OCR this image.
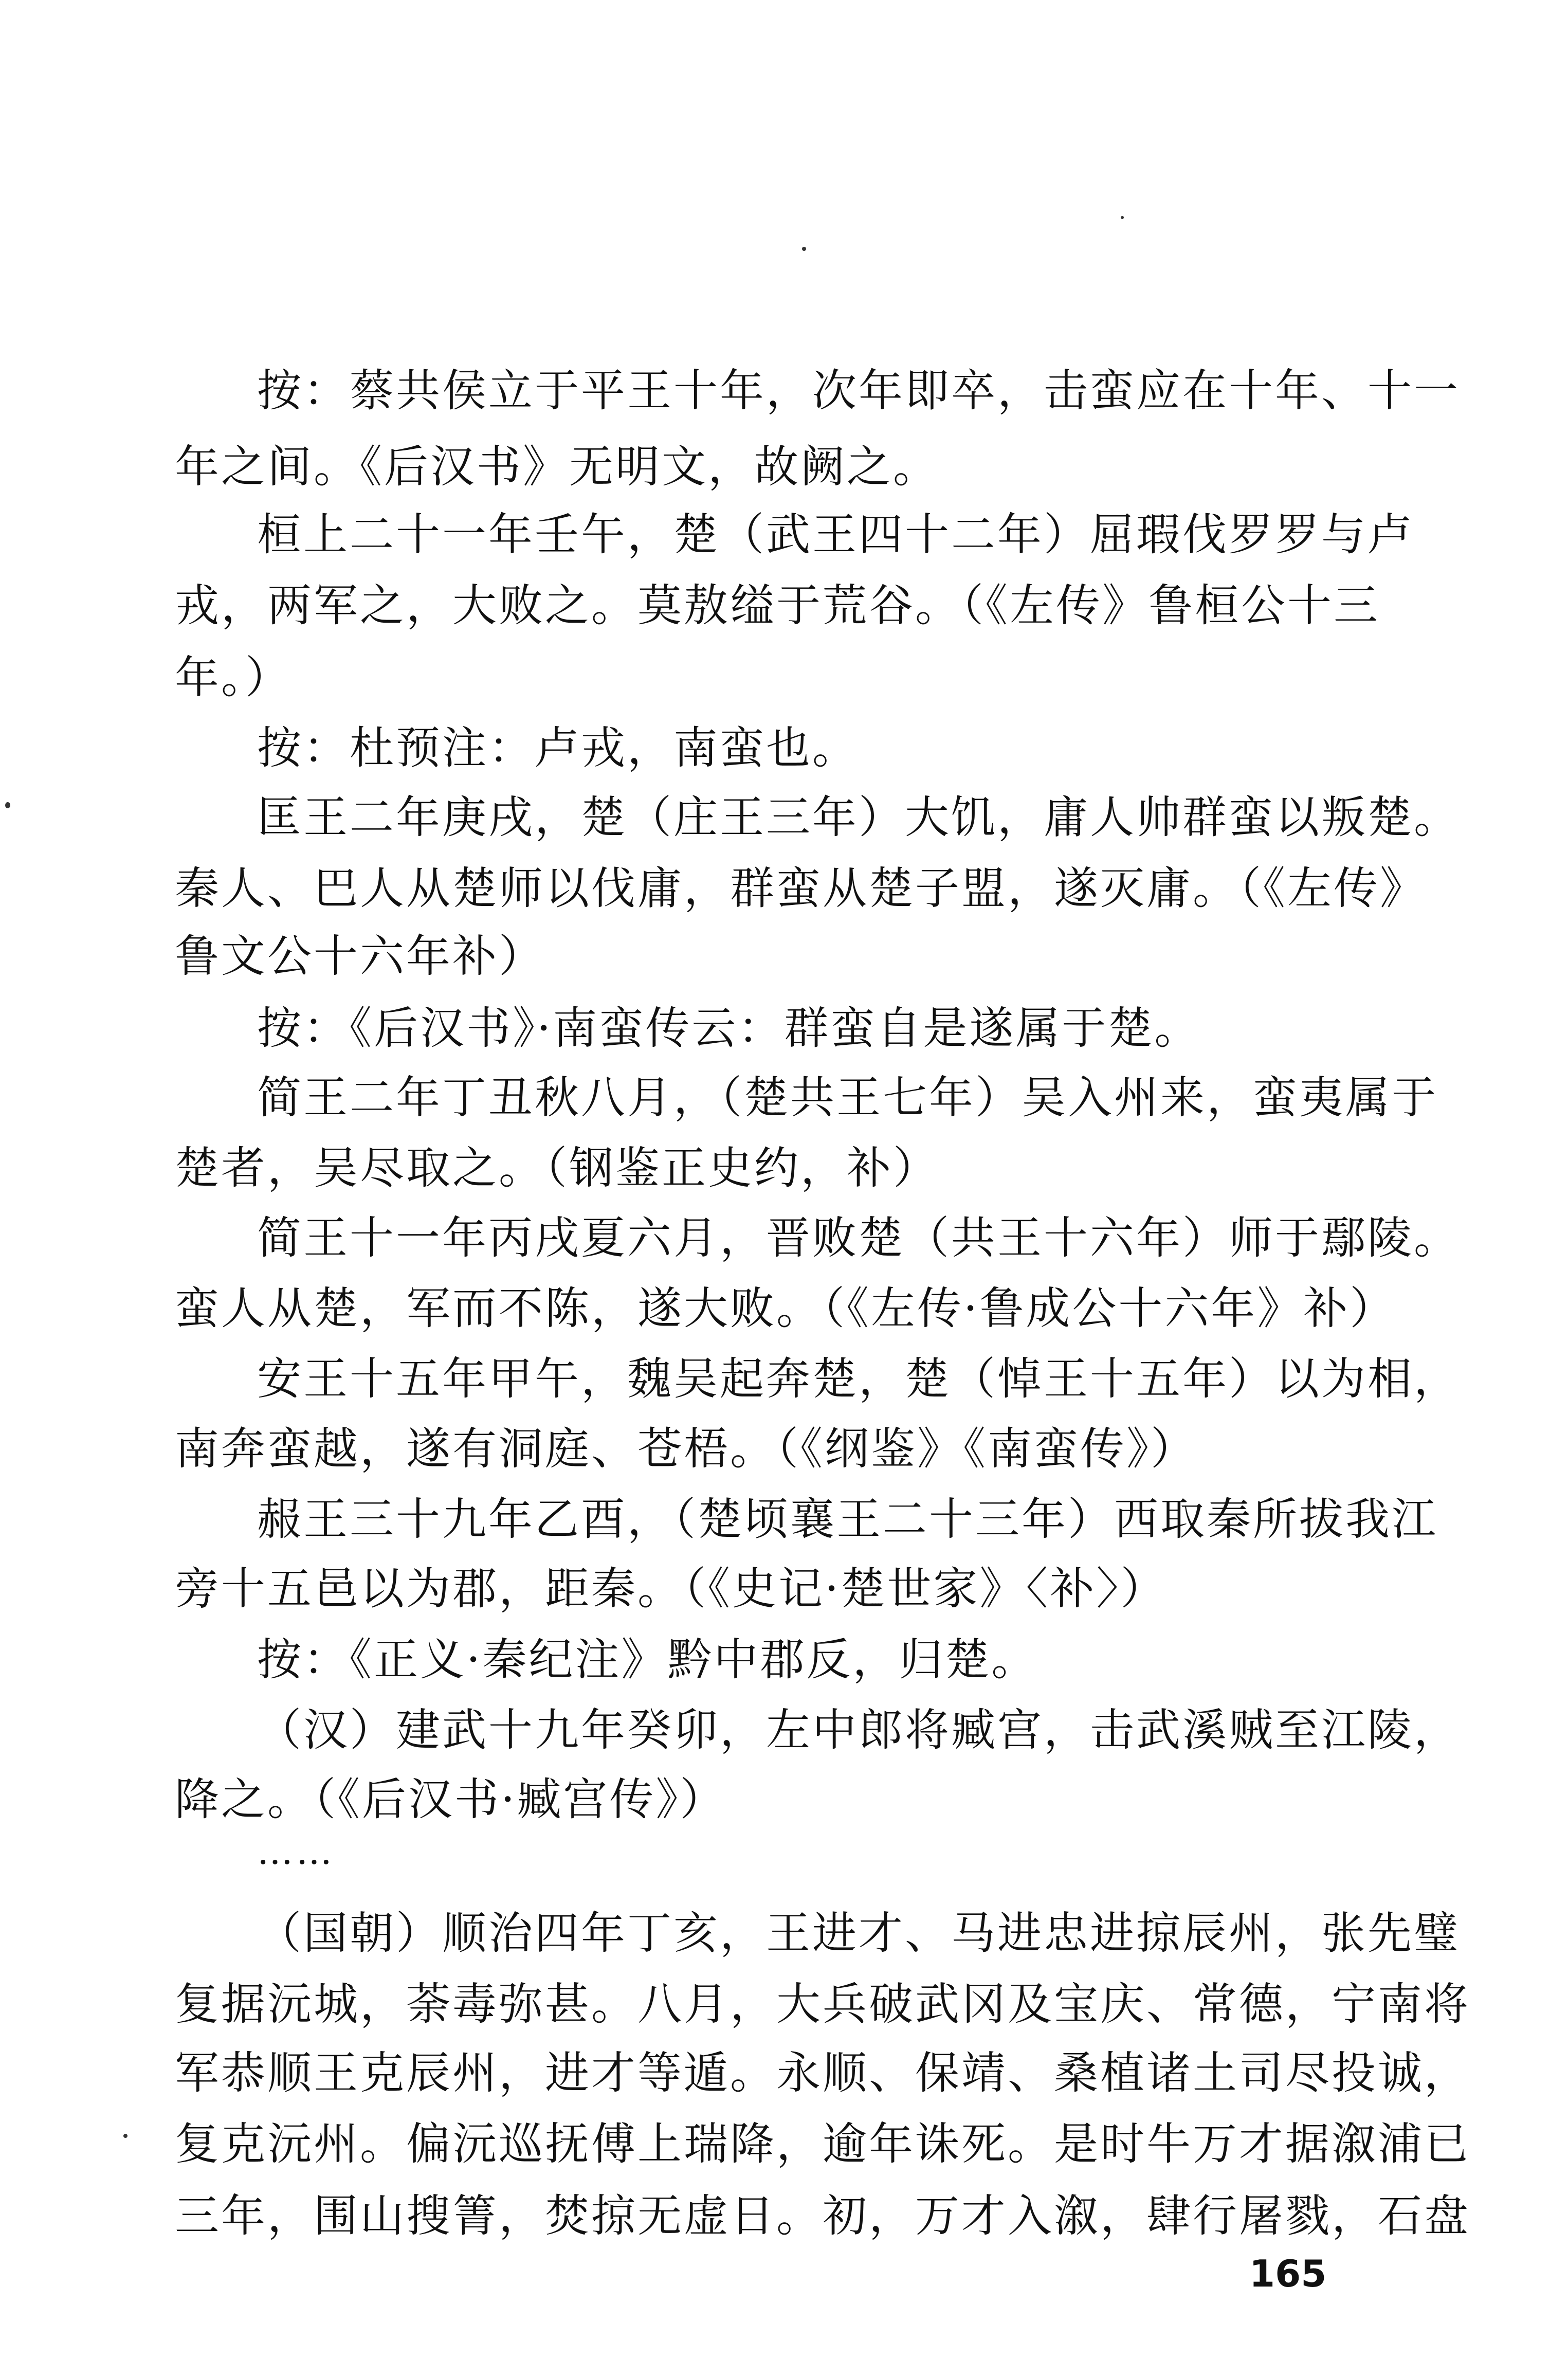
按：蔡共侯立于平王十年，次年即卒，击蛮应在十年、十一
年之间。《后汉书》无明文，故阙之。
桓上二十一年壬午，楚（武王四十二年）屈瑕伐罗罗与卢
戎，两军之，大败之。莫敖缢于荒谷。（《左传》鲁桓公十三
年。）
按：杜预注：卢戎，南蛮也。
匡王二年庚戌，楚（庄王三年）大饥，庸人帅群蛮以叛楚。
秦人、巴人从楚师以伐庸，群蛮从楚子盟，遂灭庸。（《左传》
鲁文公十六年补）
按：《后汉书》·南蛮传云：群蛮自是遂属于楚。
简王二年丁丑秋八月，（楚共王七年）吴入州来，蛮夷属于
楚者，吴尽取之。（钢鉴正史约，补）
简王十一年丙戌夏六月，晋败楚（共王十六年）师于鄢陵。
蛮人从楚，军而不陈，遂大败。（《左传·鲁成公十六年》补）
安王十五年甲午，魏吴起奔楚，楚（悼王十五年）以为相，
南奔蛮越，遂有洞庭、苍梧。（《纲鉴》《南蛮传》）
赧王三十九年乙酉，（楚顷襄王二十三年）西取秦所拔我江
旁十五邑以为郡，距秦。（《史记·楚世家》〈补〉）
按：《正义·秦纪注》黔中郡反，归楚。
（汉）建武十九年癸卯，左中郎将臧宫，击武溪贼至江陵，
降之。（《后汉书·臧宫传》）
……
（国朝）顺治四年丁亥，王进才、马进忠进掠辰州，张先璧
复据沅城，荼毒弥甚。八月，大兵破武冈及宝庆、常德，宁南将
军恭顺王克辰州，进才等遁。永顺、保靖、桑植诸土司尽投诚，
复克沅州。偏沅巡抚傅上瑞降，逾年诛死。是时牛万才据溆浦已
三年，围山搜箐，焚掠无虚日。初，万才入溆，肆行屠戮，石盘
165
